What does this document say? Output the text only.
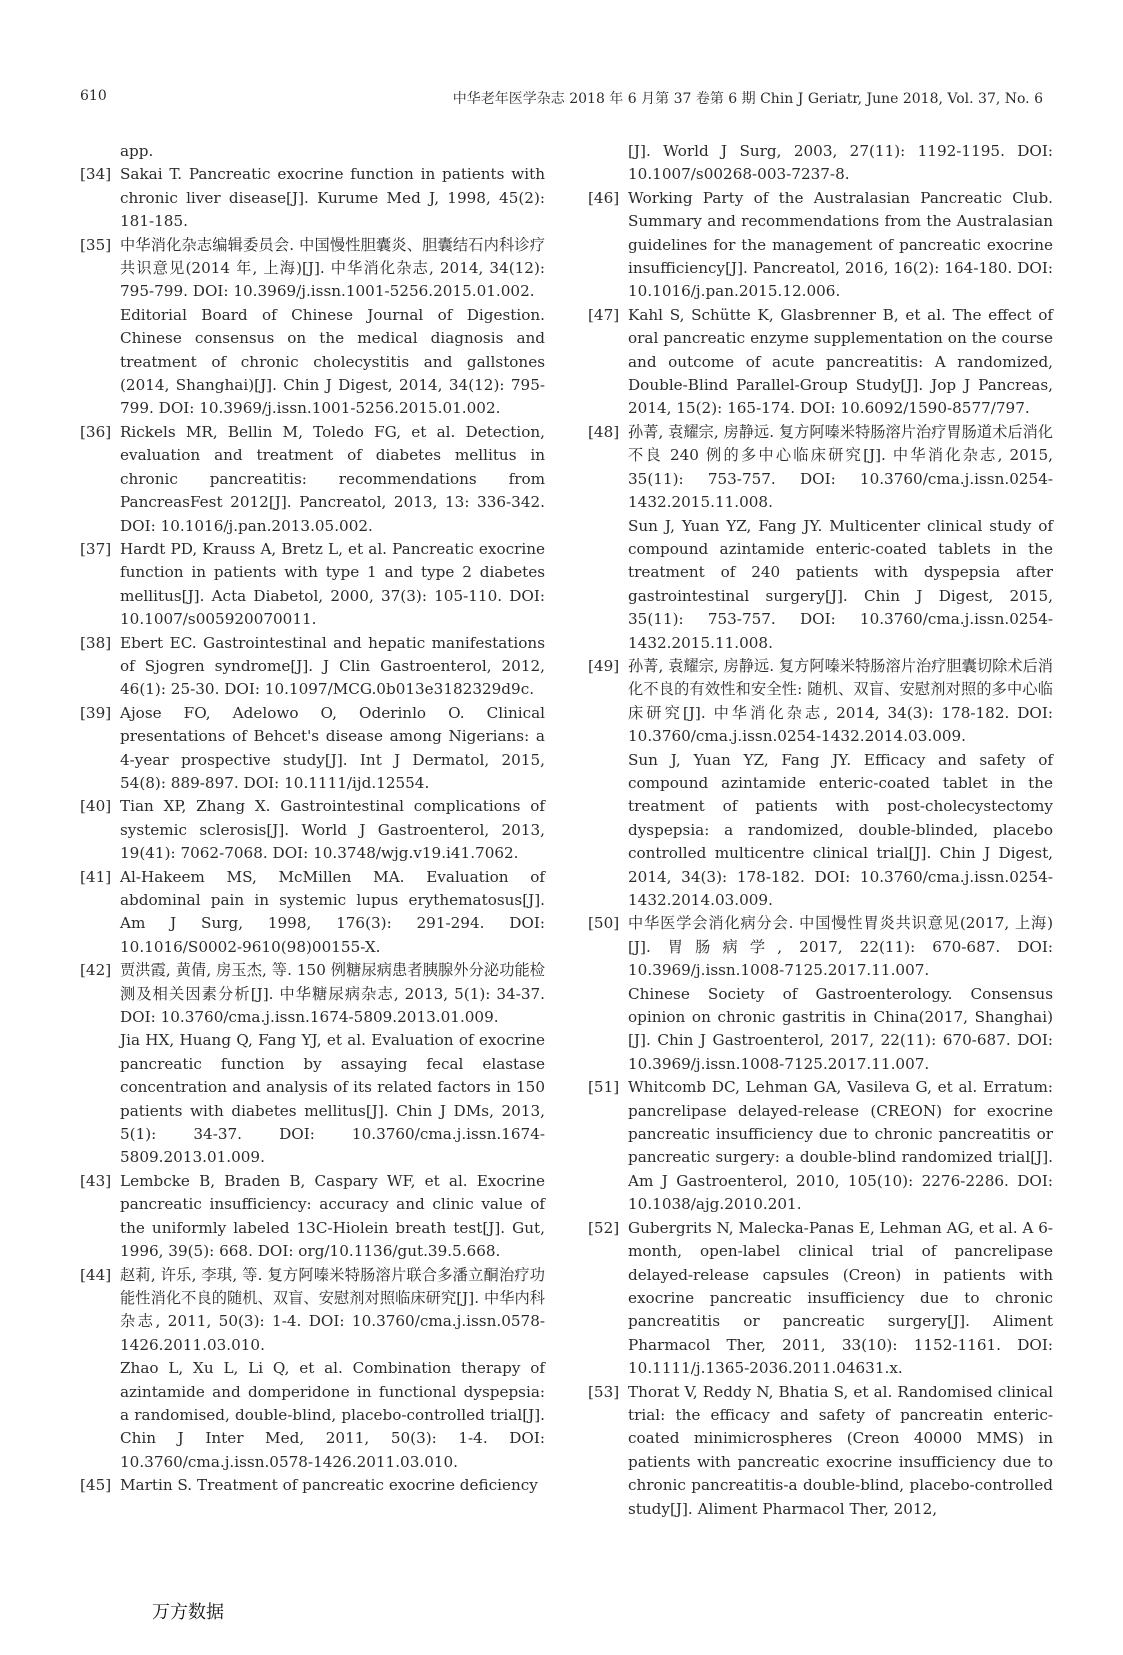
610	中华老年医学杂志 2018 年 6 月第 37 卷第 6 期 Chin J Geriatr, June 2018, Vol. 37, No. 6
app.
[34] Sakai T. Pancreatic exocrine function in patients with chronic liver disease[J]. Kurume Med J, 1998, 45(2): 181-185.

[35] 中华消化杂志编辑委员会. 中国慢性胆囊炎、胆囊结石内科诊疗共识意见(2014 年, 上海)[J]. 中华消化杂志, 2014, 34(12): 795-799. DOI: 10.3969/j.issn.1001-5256.2015.01.002.

Editorial Board of Chinese Journal of Digestion. Chinese consensus on the medical diagnosis and treatment of chronic cholecystitis and gallstones (2014, Shanghai)[J]. Chin J Digest, 2014, 34(12): 795-799. DOI: 10.3969/j.issn.1001-5256.2015.01.002.

[36] Rickels MR, Bellin M, Toledo FG, et al. Detection, evaluation and treatment of diabetes mellitus in chronic pancreatitis: recommendations from PancreasFest 2012[J]. Pancreatol, 2013, 13: 336-342. DOI: 10.1016/j.pan.2013.05.002.

[37] Hardt PD, Krauss A, Bretz L, et al. Pancreatic exocrine function in patients with type 1 and type 2 diabetes mellitus[J]. Acta Diabetol, 2000, 37(3): 105-110. DOI: 10.1007/s005920070011.

[38] Ebert EC. Gastrointestinal and hepatic manifestations of Sjogren syndrome[J]. J Clin Gastroenterol, 2012, 46(1): 25-30. DOI: 10.1097/MCG.0b013e3182329d9c.

[39] Ajose FO, Adelowo O, Oderinlo O. Clinical presentations of Behcet's disease among Nigerians: a 4-year prospective study[J]. Int J Dermatol, 2015, 54(8): 889-897. DOI: 10.1111/ijd.12554.

[40] Tian XP, Zhang X. Gastrointestinal complications of systemic sclerosis[J]. World J Gastroenterol, 2013, 19(41): 7062-7068. DOI: 10.3748/wjg.v19.i41.7062.

[41] Al-Hakeem MS, McMillen MA. Evaluation of abdominal pain in systemic lupus erythematosus[J]. Am J Surg, 1998, 176(3): 291-294. DOI: 10.1016/S0002-9610(98)00155-X.

[42] 贾洪霞, 黄倩, 房玉杰, 等. 150 例糖尿病患者胰腺外分泌功能检测及相关因素分析[J]. 中华糖尿病杂志, 2013, 5(1): 34-37. DOI: 10.3760/cma.j.issn.1674-5809.2013.01.009.

Jia HX, Huang Q, Fang YJ, et al. Evaluation of exocrine pancreatic function by assaying fecal elastase concentration and analysis of its related factors in 150 patients with diabetes mellitus[J]. Chin J DMs, 2013, 5(1): 34-37. DOI: 10.3760/cma.j.issn.1674-5809.2013.01.009.

[43] Lembcke B, Braden B, Caspary WF, et al. Exocrine pancreatic insufficiency: accuracy and clinic value of the uniformly labeled 13C-Hiolein breath test[J]. Gut, 1996, 39(5): 668. DOI: org/10.1136/gut.39.5.668.

[44] 赵莉, 许乐, 李琪, 等. 复方阿嗪米特肠溶片联合多潘立酮治疗功能性消化不良的随机、双盲、安慰剂对照临床研究[J]. 中华内科杂志, 2011, 50(3): 1-4. DOI: 10.3760/cma.j.issn.0578-1426.2011.03.010.

Zhao L, Xu L, Li Q, et al. Combination therapy of azintamide and domperidone in functional dyspepsia: a randomised, double-blind, placebo-controlled trial[J]. Chin J Inter Med, 2011, 50(3): 1-4. DOI: 10.3760/cma.j.issn.0578-1426.2011.03.010.

[45] Martin S. Treatment of pancreatic exocrine deficiency

[J]. World J Surg, 2003, 27(11): 1192-1195. DOI: 10.1007/s00268-003-7237-8.
[46] Working Party of the Australasian Pancreatic Club. Summary and recommendations from the Australasian guidelines for the management of pancreatic exocrine insufficiency[J]. Pancreatol, 2016, 16(2): 164-180. DOI: 10.1016/j.pan.2015.12.006.

[47] Kahl S, Schütte K, Glasbrenner B, et al. The effect of oral pancreatic enzyme supplementation on the course and outcome of acute pancreatitis: A randomized, Double-Blind Parallel-Group Study[J]. Jop J Pancreas, 2014, 15(2): 165-174. DOI: 10.6092/1590-8577/797.

[48] 孙菁, 袁耀宗, 房静远. 复方阿嗪米特肠溶片治疗胃肠道术后消化不良 240 例的多中心临床研究[J]. 中华消化杂志, 2015, 35(11): 753-757. DOI: 10.3760/cma.j.issn.0254-1432.2015.11.008.

Sun J, Yuan YZ, Fang JY. Multicenter clinical study of compound azintamide enteric-coated tablets in the treatment of 240 patients with dyspepsia after gastrointestinal surgery[J]. Chin J Digest, 2015, 35(11): 753-757. DOI: 10.3760/cma.j.issn.0254-1432.2015.11.008.

[49] 孙菁, 袁耀宗, 房静远. 复方阿嗪米特肠溶片治疗胆囊切除术后消化不良的有效性和安全性: 随机、双盲、安慰剂对照的多中心临床研究[J]. 中华消化杂志, 2014, 34(3): 178-182. DOI: 10.3760/cma.j.issn.0254-1432.2014.03.009.

Sun J, Yuan YZ, Fang JY. Efficacy and safety of compound azintamide enteric-coated tablet in the treatment of patients with post-cholecystectomy dyspepsia: a randomized, double-blinded, placebo controlled multicentre clinical trial[J]. Chin J Digest, 2014, 34(3): 178-182. DOI: 10.3760/cma.j.issn.0254-1432.2014.03.009.

[50] 中华医学会消化病分会. 中国慢性胃炎共识意见(2017, 上海)[J]. 胃肠病学, 2017, 22(11): 670-687. DOI: 10.3969/j.issn.1008-7125.2017.11.007.

Chinese Society of Gastroenterology. Consensus opinion on chronic gastritis in China(2017, Shanghai)[J]. Chin J Gastroenterol, 2017, 22(11): 670-687. DOI: 10.3969/j.issn.1008-7125.2017.11.007.

[51] Whitcomb DC, Lehman GA, Vasileva G, et al. Erratum: pancrelipase delayed-release (CREON) for exocrine pancreatic insufficiency due to chronic pancreatitis or pancreatic surgery: a double-blind randomized trial[J]. Am J Gastroenterol, 2010, 105(10): 2276-2286. DOI: 10.1038/ajg.2010.201.

[52] Gubergrits N, Malecka-Panas E, Lehman AG, et al. A 6-month, open-label clinical trial of pancrelipase delayed-release capsules (Creon) in patients with exocrine pancreatic insufficiency due to chronic pancreatitis or pancreatic surgery[J]. Aliment Pharmacol Ther, 2011, 33(10): 1152-1161. DOI: 10.1111/j.1365-2036.2011.04631.x.

[53] Thorat V, Reddy N, Bhatia S, et al. Randomised clinical trial: the efficacy and safety of pancreatin enteric-coated minimicrospheres (Creon 40000 MMS) in patients with pancreatic exocrine insufficiency due to chronic pancreatitis-a double-blind, placebo-controlled study[J]. Aliment Pharmacol Ther, 2012,

万方数据
